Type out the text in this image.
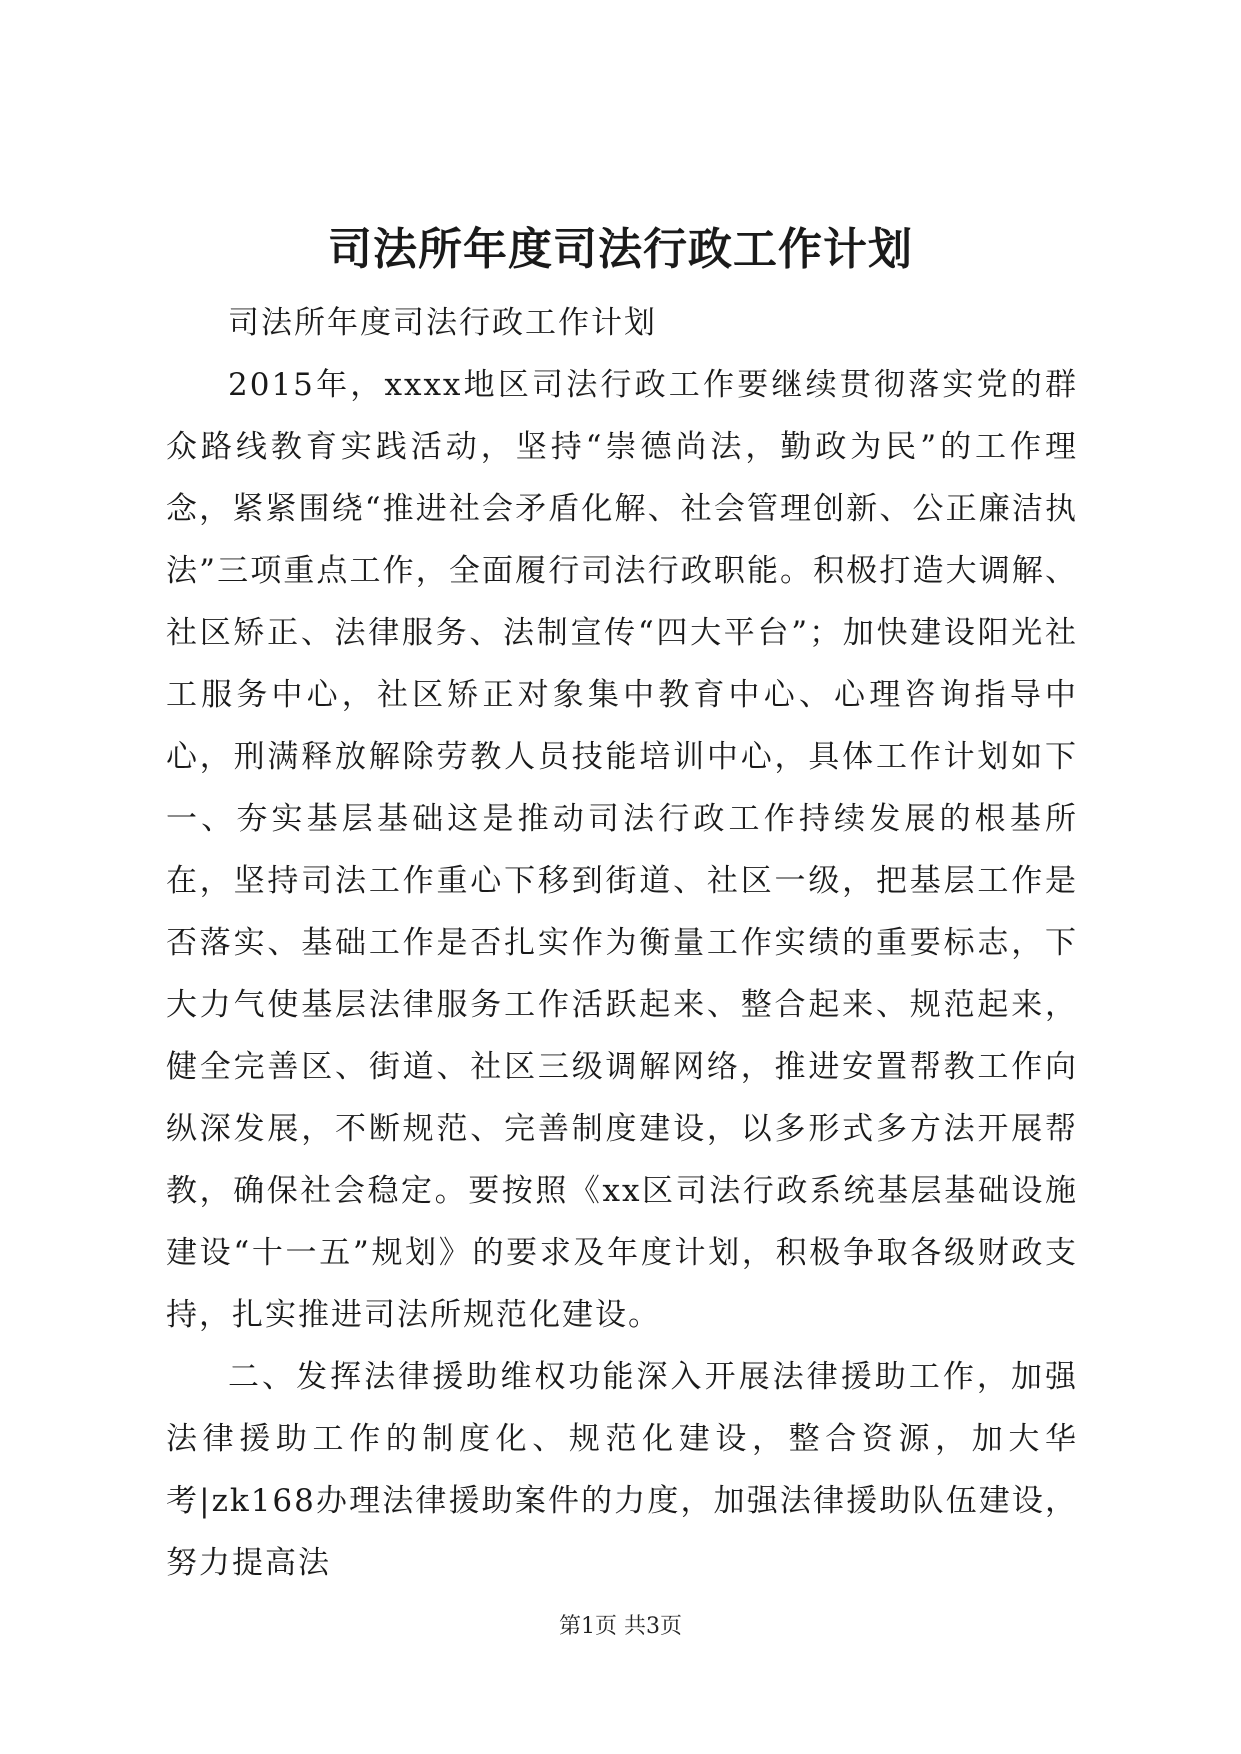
司法所年度司法行政工作计划

司法所年度司法行政工作计划

2015年，xxxx地区司法行政工作要继续贯彻落实党的群众路线教育实践活动，坚持“崇德尚法，勤政为民”的工作理念，紧紧围绕“推进社会矛盾化解、社会管理创新、公正廉洁执法”三项重点工作，全面履行司法行政职能。积极打造大调解、社区矫正、法律服务、法制宣传“四大平台”；加快建设阳光社工服务中心，社区矫正对象集中教育中心、心理咨询指导中心，刑满释放解除劳教人员技能培训中心，具体工作计划如下一、夯实基层基础这是推动司法行政工作持续发展的根基所在，坚持司法工作重心下移到街道、社区一级，把基层工作是否落实、基础工作是否扎实作为衡量工作实绩的重要标志，下大力气使基层法律服务工作活跃起来、整合起来、规范起来，健全完善区、街道、社区三级调解网络，推进安置帮教工作向纵深发展，不断规范、完善制度建设，以多形式多方法开展帮教，确保社会稳定。要按照《xx区司法行政系统基层基础设施建设“十一五”规划》的要求及年度计划，积极争取各级财政支持，扎实推进司法所规范化建设。

二、发挥法律援助维权功能深入开展法律援助工作，加强法律援助工作的制度化、规范化建设，整合资源，加大华考|zk168办理法律援助案件的力度，加强法律援助队伍建设，努力提高法

第1页 共3页
